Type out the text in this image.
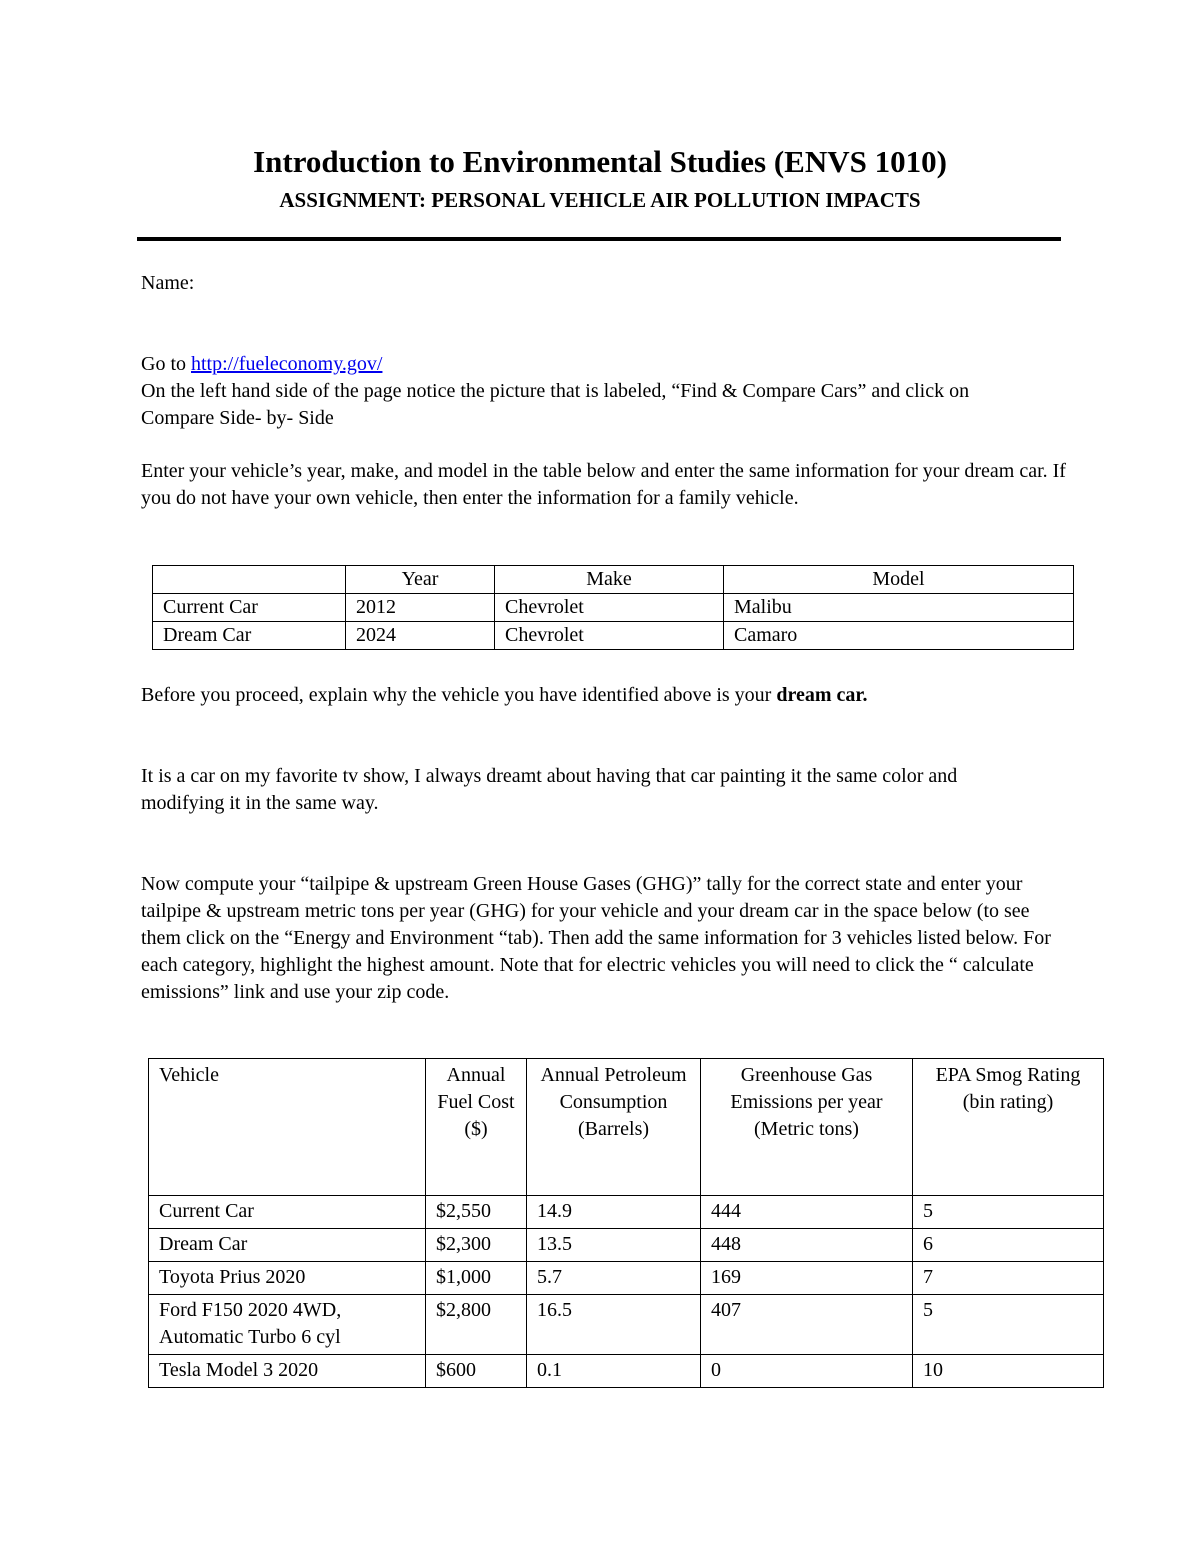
Introduction to Environmental Studies (ENVS 1010)
ASSIGNMENT: PERSONAL VEHICLE AIR POLLUTION IMPACTS
Name:
Go to http://fueleconomy.gov/
On the left hand side of the page notice the picture that is labeled, “Find & Compare Cars” and click on Compare Side- by- Side
Enter your vehicle’s year, make, and model in the table below and enter the same information for your dream car. If you do not have your own vehicle, then enter the information for a family vehicle.
	Year	Make	Model
Current Car	2012	Chevrolet	Malibu
Dream Car	2024	Chevrolet	Camaro
Before you proceed, explain why the vehicle you have identified above is your dream car.
It is a car on my favorite tv show, I always dreamt about having that car painting it the same color and modifying it in the same way.
Now compute your “tailpipe & upstream Green House Gases (GHG)” tally for the correct state and enter your tailpipe & upstream metric tons per year (GHG) for your vehicle and your dream car in the space below (to see them click on the “Energy and Environment “tab). Then add the same information for 3 vehicles listed below. For each category, highlight the highest amount. Note that for electric vehicles you will need to click the “ calculate emissions” link and use your zip code.
Vehicle	Annual Fuel Cost ($)	Annual Petroleum Consumption (Barrels)	Greenhouse Gas Emissions per year (Metric tons)	EPA Smog Rating (bin rating)
Current Car	$2,550	14.9	444	5
Dream Car	$2,300	13.5	448	6
Toyota Prius 2020	$1,000	5.7	169	7
Ford F150 2020 4WD, Automatic Turbo 6 cyl	$2,800	16.5	407	5
Tesla Model 3 2020	$600	0.1	0	10
